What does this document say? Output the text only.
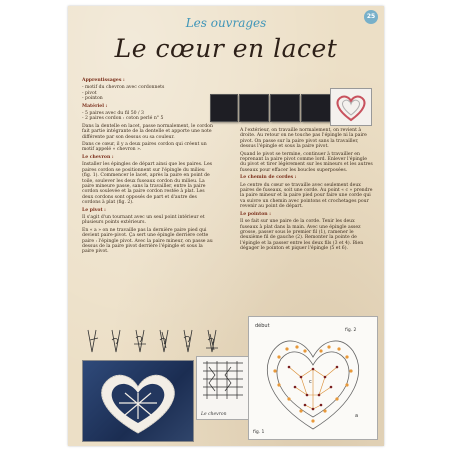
25
Les ouvrages
Le cœur en lacet

Apprentissages :

- motif du chevron avec cordonnets

- pivot

- pointon

Matériel :

- 5 paires avec du fil 50 / 3

- 2 paires cordon : coton perlé n° 5

Dans la dentelle en lacet, passe normalement, le cordon fait partie intégrante de la dentelle et apporte une note différente par son dessus ou sa couleur.

Dans ce cœur, il y a deux paires cordon qui créent un motif appelé « chevron ».

Le chevron :

Installer les épingles de départ ainsi que les paires. Les paires cordon se positionnent sur l'épingle du milieu (fig. 1). Commencer le lacet, après la paire en point de toile, soulever les deux fuseaux cordon du milieu. La paire mineure passe, sans la travailler, entre la paire cordon soulevée et la paire cordon restée à plat. Les deux cordons sont opposés de part et d'autre des cordons à plat (fig. 2).

Le pivot :

Il s'agit d'un tournant avec un seul point intérieur et plusieurs points extérieurs.

En « a » on ne travaille pas la dernière paire pied qui devient paire-pivot. Ça sert une épingle derrière cette paire : l'épingle pivot. Avec la paire mineur, on passe au dessus de la paire pivot derrière l'épingle et sous la paire pivot.

A l'extérieur, on travaille normalement, on revient à droite. Au retour on ne touche pas l'épingle ni la paire pivot. On passe sur la paire pivot sans la travailler, dessus l'épingle et sous la paire pivot.

Quand le pivot se termine, continuer à travailler en reprenant la paire pivot comme lord. Enlever l'épingle du pivot et tirer légèrement sur les mineurs et les autres fuseaux pour effacer les boucles superposées.

Le chemin de cordes :

Le centre du cœur se travaille avec seulement deux paires de fuseaux, soit une corde. Au point « c » prendre la paire mineur et la paire pied pour faire une corde qui va suivre un chemin avec pointons et crochetages pour revenir au point de départ.

Le pointon :

Il se fait sur une paire de la corde. Tenir les deux fuseaux à plat dans la main. Avec une épingle assez grosse, passer sous le premier fil (1), ramener le deuxième fil de gauche (2). Remonter la pointe de l'épingle et la passer entre les deux fils (3 et 4). Bien dégager le pointon et piquer l'épingle (5 et 6).

Le chevron
début
c
a
fig. 1
fig. 2
